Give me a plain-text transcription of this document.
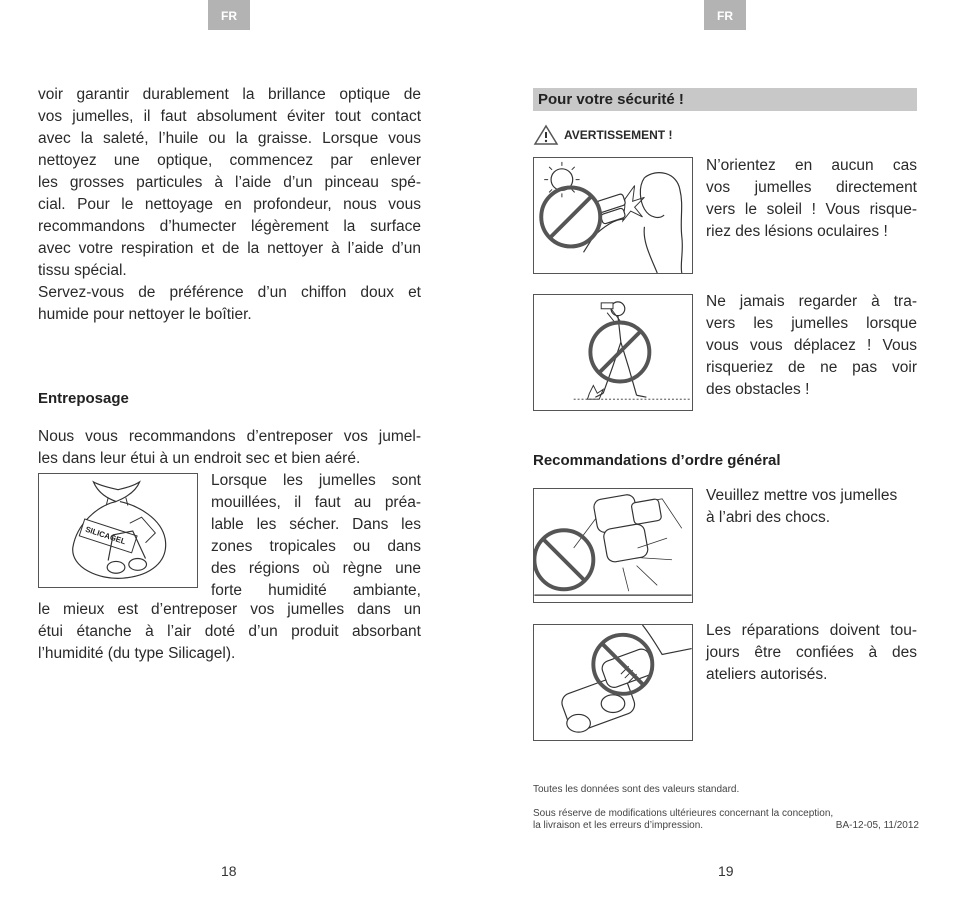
FR
voir garantir durablement la brillance optique de
vos jumelles, il faut absolument éviter tout contact
avec la saleté, l’huile ou la graisse. Lorsque vous
nettoyez une optique, commencez par enlever
les grosses particules à l’aide d’un pinceau spé-
cial. Pour le nettoyage en profondeur, nous vous
recommandons d’humecter légèrement la surface
avec votre respiration et de la nettoyer à l’aide d’un
tissu spécial.
Servez-vous de préférence d’un chiffon doux et
humide pour nettoyer le boîtier.
Entreposage
Nous vous recommandons d’entreposer vos jumel-
les dans leur étui à un endroit sec et bien aéré.
SILICAGEL
Lorsque les jumelles sont
mouillées, il faut au préa-
lable les sécher. Dans les
zones tropicales ou dans
des régions où règne une
forte humidité ambiante,
le mieux est d’entreposer vos jumelles dans un
étui étanche à l’air doté d’un produit absorbant
l’humidité (du type Silicagel).
18
FR
Pour votre sécurité !
AVERTISSEMENT !
N’orientez en aucun cas
vos jumelles directement
vers le soleil ! Vous risque-
riez des lésions oculaires !
Ne jamais regarder à tra-
vers les jumelles lorsque
vous vous déplacez ! Vous
risqueriez de ne pas voir
des obstacles !
Recommandations d’ordre général
Veuillez mettre vos jumelles
à l’abri des chocs.
Les réparations doivent tou-
jours être confiées à des
ateliers autorisés.
Toutes les données sont des valeurs standard.
Sous réserve de modifications ultérieures concernant la conception,
la livraison et les erreurs d’impression.	BA-12-05, 11/2012
19
